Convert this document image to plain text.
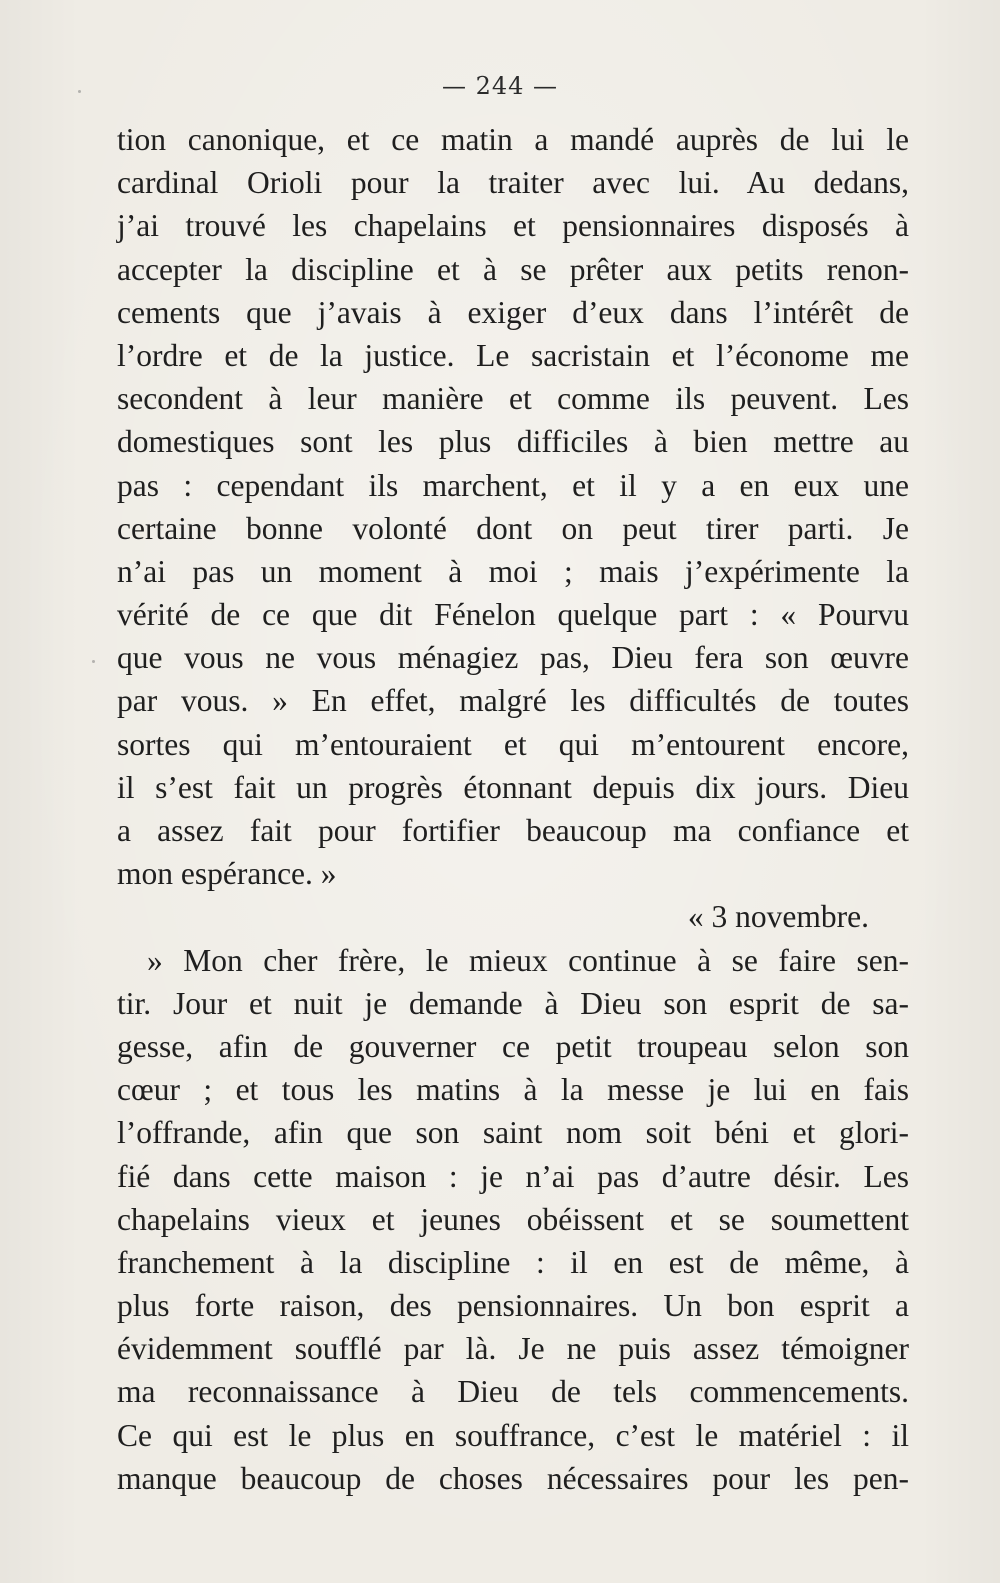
— 244 —
tion canonique, et ce matin a mandé auprès de lui le
cardinal Orioli pour la traiter avec lui. Au dedans,
j’ai trouvé les chapelains et pensionnaires disposés à
accepter la discipline et à se prêter aux petits renon-
cements que j’avais à exiger d’eux dans l’intérêt de
l’ordre et de la justice. Le sacristain et l’économe me
secondent à leur manière et comme ils peuvent. Les
domestiques sont les plus difficiles à bien mettre au
pas : cependant ils marchent, et il y a en eux une
certaine bonne volonté dont on peut tirer parti. Je
n’ai pas un moment à moi ; mais j’expérimente la
vérité de ce que dit Fénelon quelque part : « Pourvu
que vous ne vous ménagiez pas, Dieu fera son œuvre
par vous. » En effet, malgré les difficultés de toutes
sortes qui m’entouraient et qui m’entourent encore,
il s’est fait un progrès étonnant depuis dix jours. Dieu
a assez fait pour fortifier beaucoup ma confiance et
mon espérance. »
« 3 novembre.
» Mon cher frère, le mieux continue à se faire sen-
tir. Jour et nuit je demande à Dieu son esprit de sa-
gesse, afin de gouverner ce petit troupeau selon son
cœur ; et tous les matins à la messe je lui en fais
l’offrande, afin que son saint nom soit béni et glori-
fié dans cette maison : je n’ai pas d’autre désir. Les
chapelains vieux et jeunes obéissent et se soumettent
franchement à la discipline : il en est de même, à
plus forte raison, des pensionnaires. Un bon esprit a
évidemment soufflé par là. Je ne puis assez témoigner
ma reconnaissance à Dieu de tels commencements.
Ce qui est le plus en souffrance, c’est le matériel : il
manque beaucoup de choses nécessaires pour les pen-
